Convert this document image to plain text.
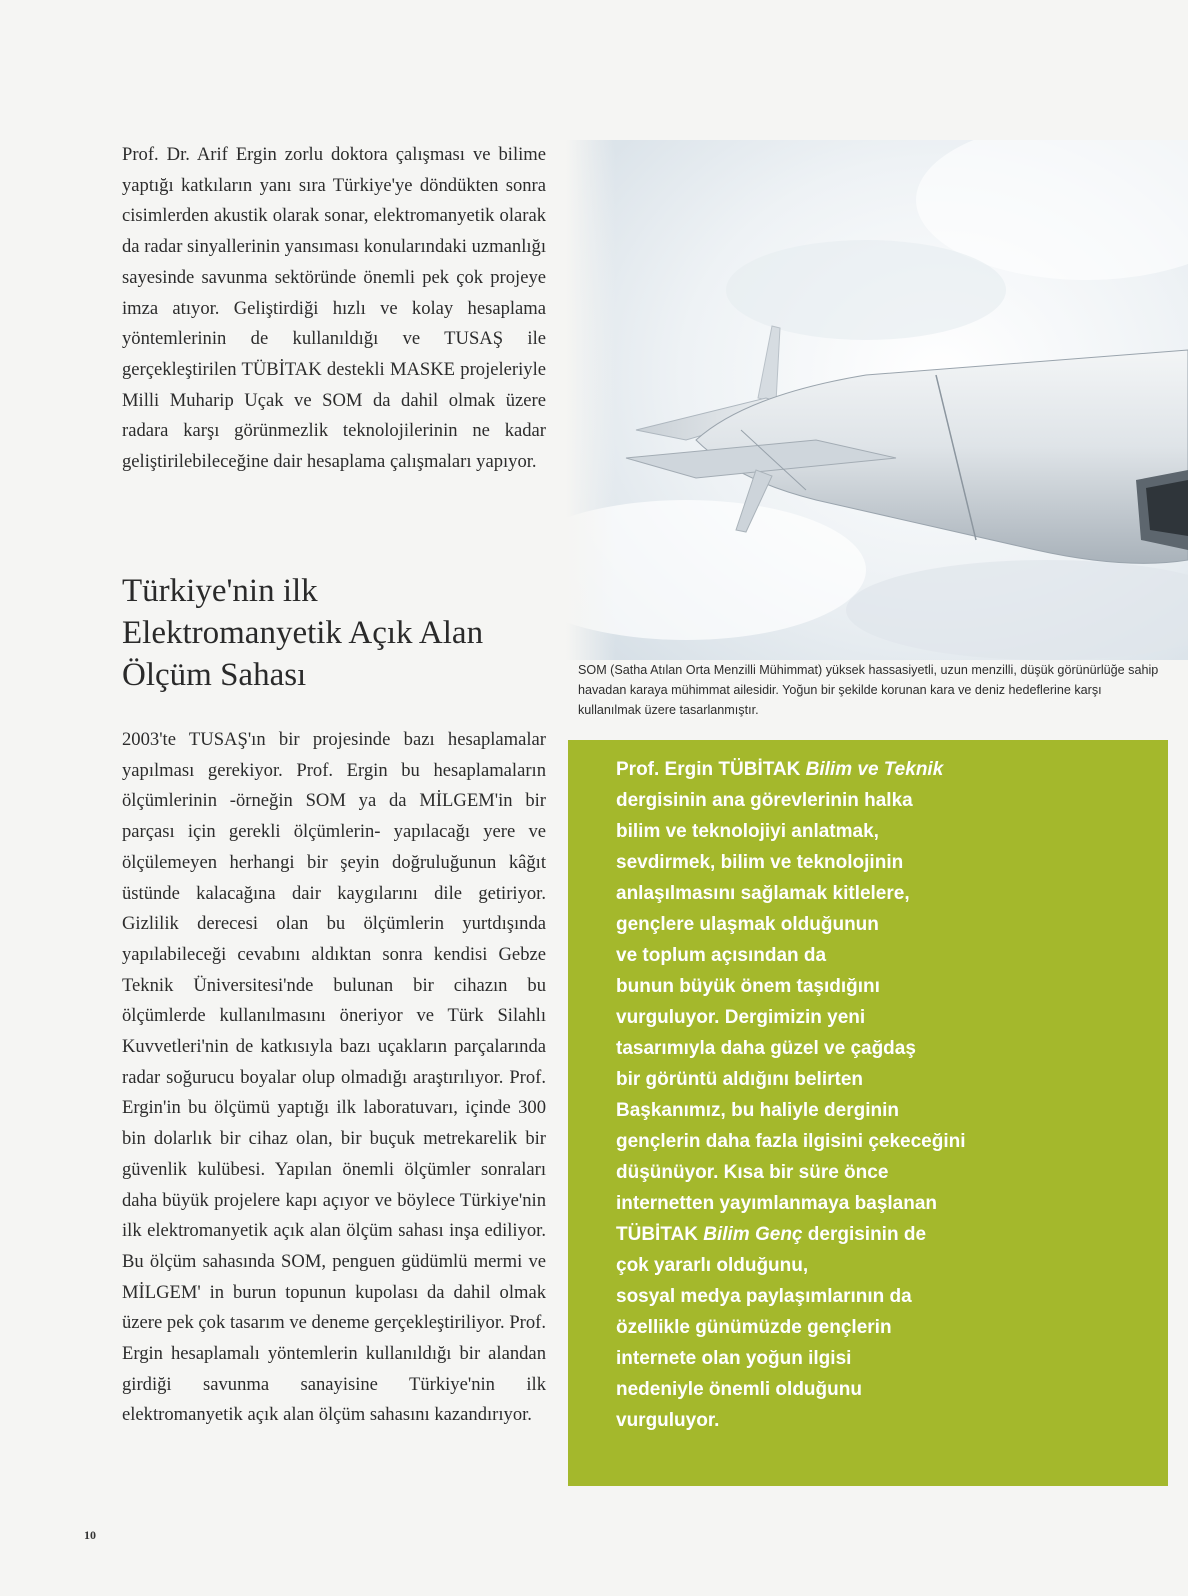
Prof. Dr. Arif Ergin zorlu doktora çalışması ve bilime yaptığı katkıların yanı sıra Türkiye'ye döndükten sonra cisimlerden akustik olarak sonar, elektromanyetik olarak da radar sinyallerinin yansıması konularındaki uzmanlığı sayesinde savunma sektöründe önemli pek çok projeye imza atıyor. Geliştirdiği hızlı ve kolay hesaplama yöntemlerinin de kullanıldığı ve TUSAŞ ile gerçekleştirilen TÜBİTAK destekli MASKE projeleriyle Milli Muharip Uçak ve SOM da dahil olmak üzere radara karşı görünmezlik teknolojilerinin ne kadar geliştirilebileceğine dair hesaplama çalışmaları yapıyor.

Türkiye'nin ilk
Elektromanyetik Açık Alan
Ölçüm Sahası

2003'te TUSAŞ'ın bir projesinde bazı hesaplamalar yapılması gerekiyor. Prof. Ergin bu hesaplamaların ölçümlerinin -örneğin SOM ya da MİLGEM'in bir parçası için gerekli ölçümlerin- yapılacağı yere ve ölçülemeyen herhangi bir şeyin doğruluğunun kâğıt üstünde kalacağına dair kaygılarını dile getiriyor. Gizlilik derecesi olan bu ölçümlerin yurtdışında yapılabileceği cevabını aldıktan sonra kendisi Gebze Teknik Üniversitesi'nde bulunan bir cihazın bu ölçümlerde kullanılmasını öneriyor ve Türk Silahlı Kuvvetleri'nin de katkısıyla bazı uçakların parçalarında radar soğurucu boyalar olup olmadığı araştırılıyor. Prof. Ergin'in bu ölçümü yaptığı ilk laboratuvarı, içinde 300 bin dolarlık bir cihaz olan, bir buçuk metrekarelik bir güvenlik kulübesi. Yapılan önemli ölçümler sonraları daha büyük projelere kapı açıyor ve böylece Türkiye'nin ilk elektromanyetik açık alan ölçüm sahası inşa ediliyor. Bu ölçüm sahasında SOM, penguen güdümlü mermi ve MİLGEM' in burun topunun kupolası da dahil olmak üzere pek çok tasarım ve deneme gerçekleştiriliyor. Prof. Ergin hesaplamalı yöntemlerin kullanıldığı bir alandan girdiği savunma sanayisine Türkiye'nin ilk elektromanyetik açık alan ölçüm sahasını kazandırıyor.

SOM (Satha Atılan Orta Menzilli Mühimmat) yüksek hassasiyetli, uzun menzilli, düşük görünürlüğe sahip havadan karaya mühimmat ailesidir. Yoğun bir şekilde korunan kara ve deniz hedeflerine karşı kullanılmak üzere tasarlanmıştır.
Prof. Ergin TÜBİTAK Bilim ve Teknik
dergisinin ana görevlerinin halka
bilim ve teknolojiyi anlatmak,
sevdirmek, bilim ve teknolojinin
anlaşılmasını sağlamak kitlelere,
gençlere ulaşmak olduğunun
ve toplum açısından da
bunun büyük önem taşıdığını
vurguluyor. Dergimizin yeni
tasarımıyla daha güzel ve çağdaş
bir görüntü aldığını belirten
Başkanımız, bu haliyle derginin
gençlerin daha fazla ilgisini çekeceğini
düşünüyor. Kısa bir süre önce
internetten yayımlanmaya başlanan
TÜBİTAK Bilim Genç dergisinin de
çok yararlı olduğunu,
sosyal medya paylaşımlarının da
özellikle günümüzde gençlerin
internete olan yoğun ilgisi
nedeniyle önemli olduğunu
vurguluyor.
10
